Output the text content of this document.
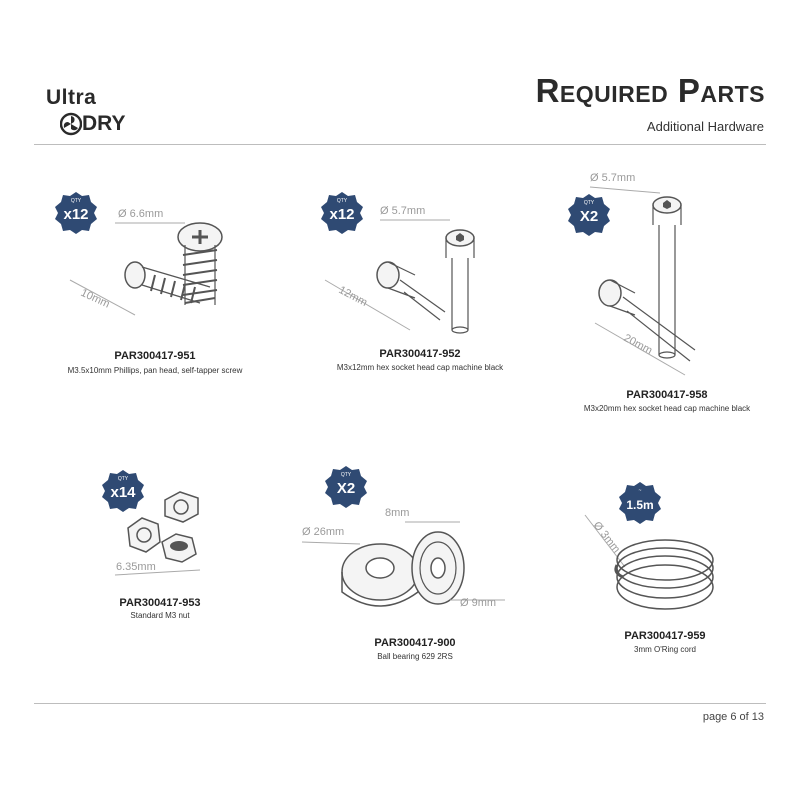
Ultra
DRY
Required Parts
Additional Hardware
QTY
x12	Ø 6.6mm
10mm
PAR300417-951
M3.5x10mm Phillips, pan head, self-tapper screw
QTY
x12	Ø 5.7mm
12mm
PAR300417-952
M3x12mm hex socket head cap machine black
QTY
X2
Ø 5.7mm
20mm
PAR300417-958
M3x20mm hex socket head cap machine black
QTY
x14
6.35mm
PAR300417-953
Standard M3 nut
QTY
X2
8mm
Ø 26mm
Ø 9mm
PAR300417-900
Ball bearing 629 2RS
~
1.5m
Ø 3mm
PAR300417-959
3mm O'Ring cord
page 6 of 13
